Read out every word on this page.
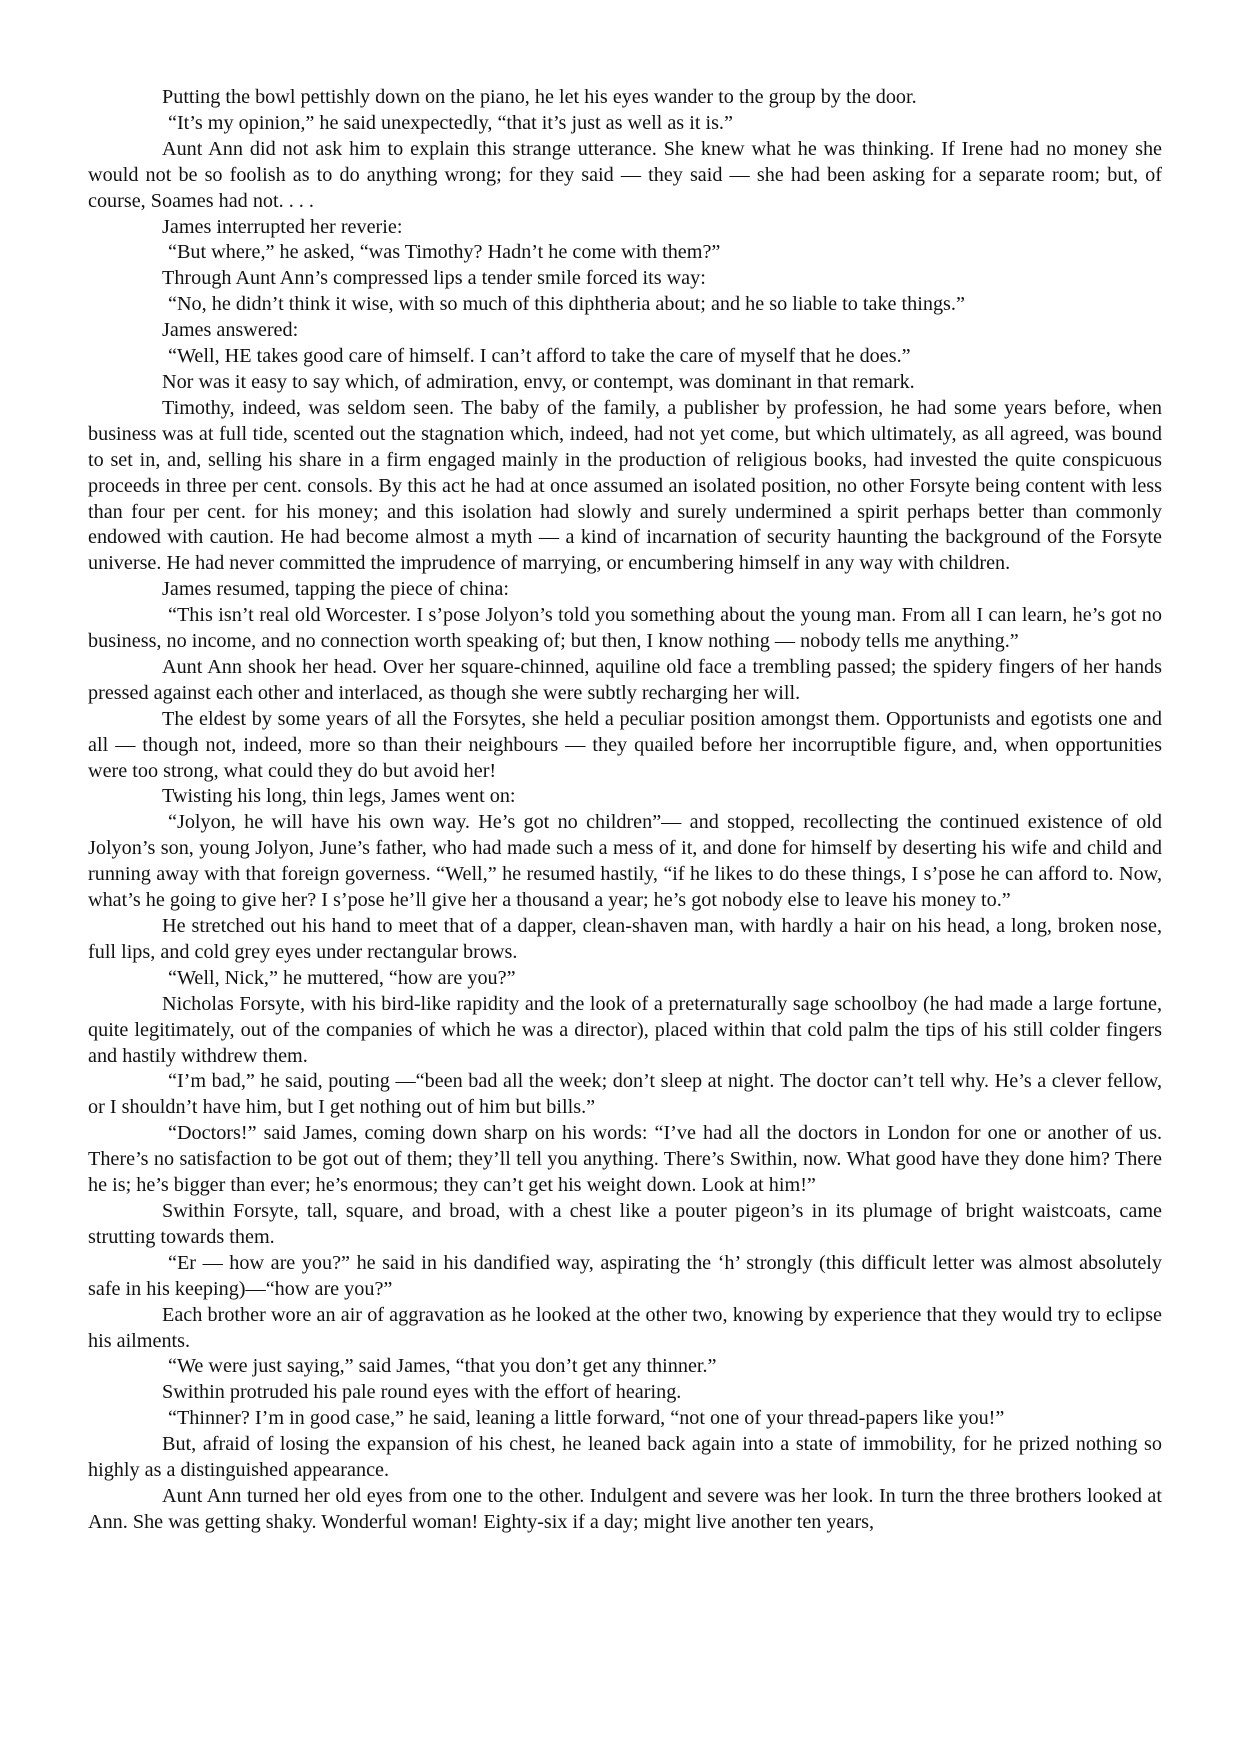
Putting the bowl pettishly down on the piano, he let his eyes wander to the group by the door.

“It’s my opinion,” he said unexpectedly, “that it’s just as well as it is.”

Aunt Ann did not ask him to explain this strange utterance. She knew what he was thinking. If Irene had no money she would not be so foolish as to do anything wrong; for they said — they said — she had been asking for a separate room; but, of course, Soames had not. . . .

James interrupted her reverie:

“But where,” he asked, “was Timothy? Hadn’t he come with them?”

Through Aunt Ann’s compressed lips a tender smile forced its way:

“No, he didn’t think it wise, with so much of this diphtheria about; and he so liable to take things.”

James answered:

“Well, HE takes good care of himself. I can’t afford to take the care of myself that he does.”

Nor was it easy to say which, of admiration, envy, or contempt, was dominant in that remark.

Timothy, indeed, was seldom seen. The baby of the family, a publisher by profession, he had some years before, when business was at full tide, scented out the stagnation which, indeed, had not yet come, but which ultimately, as all agreed, was bound to set in, and, selling his share in a firm engaged mainly in the production of religious books, had invested the quite conspicuous proceeds in three per cent. consols. By this act he had at once assumed an isolated position, no other Forsyte being content with less than four per cent. for his money; and this isolation had slowly and surely undermined a spirit perhaps better than commonly endowed with caution. He had become almost a myth — a kind of incarnation of security haunting the background of the Forsyte universe. He had never committed the imprudence of marrying, or encumbering himself in any way with children.

James resumed, tapping the piece of china:

“This isn’t real old Worcester. I s’pose Jolyon’s told you something about the young man. From all I can learn, he’s got no business, no income, and no connection worth speaking of; but then, I know nothing — nobody tells me anything.”

Aunt Ann shook her head. Over her square-chinned, aquiline old face a trembling passed; the spidery fingers of her hands pressed against each other and interlaced, as though she were subtly recharging her will.

The eldest by some years of all the Forsytes, she held a peculiar position amongst them. Opportunists and egotists one and all — though not, indeed, more so than their neighbours — they quailed before her incorruptible figure, and, when opportunities were too strong, what could they do but avoid her!

Twisting his long, thin legs, James went on:

“Jolyon, he will have his own way. He’s got no children”— and stopped, recollecting the continued existence of old Jolyon’s son, young Jolyon, June’s father, who had made such a mess of it, and done for himself by deserting his wife and child and running away with that foreign governess. “Well,” he resumed hastily, “if he likes to do these things, I s’pose he can afford to. Now, what’s he going to give her? I s’pose he’ll give her a thousand a year; he’s got nobody else to leave his money to.”

He stretched out his hand to meet that of a dapper, clean-shaven man, with hardly a hair on his head, a long, broken nose, full lips, and cold grey eyes under rectangular brows.

“Well, Nick,” he muttered, “how are you?”

Nicholas Forsyte, with his bird-like rapidity and the look of a preternaturally sage schoolboy (he had made a large fortune, quite legitimately, out of the companies of which he was a director), placed within that cold palm the tips of his still colder fingers and hastily withdrew them.

“I’m bad,” he said, pouting —“been bad all the week; don’t sleep at night. The doctor can’t tell why. He’s a clever fellow, or I shouldn’t have him, but I get nothing out of him but bills.”

“Doctors!” said James, coming down sharp on his words: “I’ve had all the doctors in London for one or another of us. There’s no satisfaction to be got out of them; they’ll tell you anything. There’s Swithin, now. What good have they done him? There he is; he’s bigger than ever; he’s enormous; they can’t get his weight down. Look at him!”

Swithin Forsyte, tall, square, and broad, with a chest like a pouter pigeon’s in its plumage of bright waistcoats, came strutting towards them.

“Er — how are you?” he said in his dandified way, aspirating the ‘h’ strongly (this difficult letter was almost absolutely safe in his keeping)—“how are you?”

Each brother wore an air of aggravation as he looked at the other two, knowing by experience that they would try to eclipse his ailments.

“We were just saying,” said James, “that you don’t get any thinner.”

Swithin protruded his pale round eyes with the effort of hearing.

“Thinner? I’m in good case,” he said, leaning a little forward, “not one of your thread-papers like you!”

But, afraid of losing the expansion of his chest, he leaned back again into a state of immobility, for he prized nothing so highly as a distinguished appearance.

Aunt Ann turned her old eyes from one to the other. Indulgent and severe was her look. In turn the three brothers looked at Ann. She was getting shaky. Wonderful woman! Eighty-six if a day; might live another ten years,
